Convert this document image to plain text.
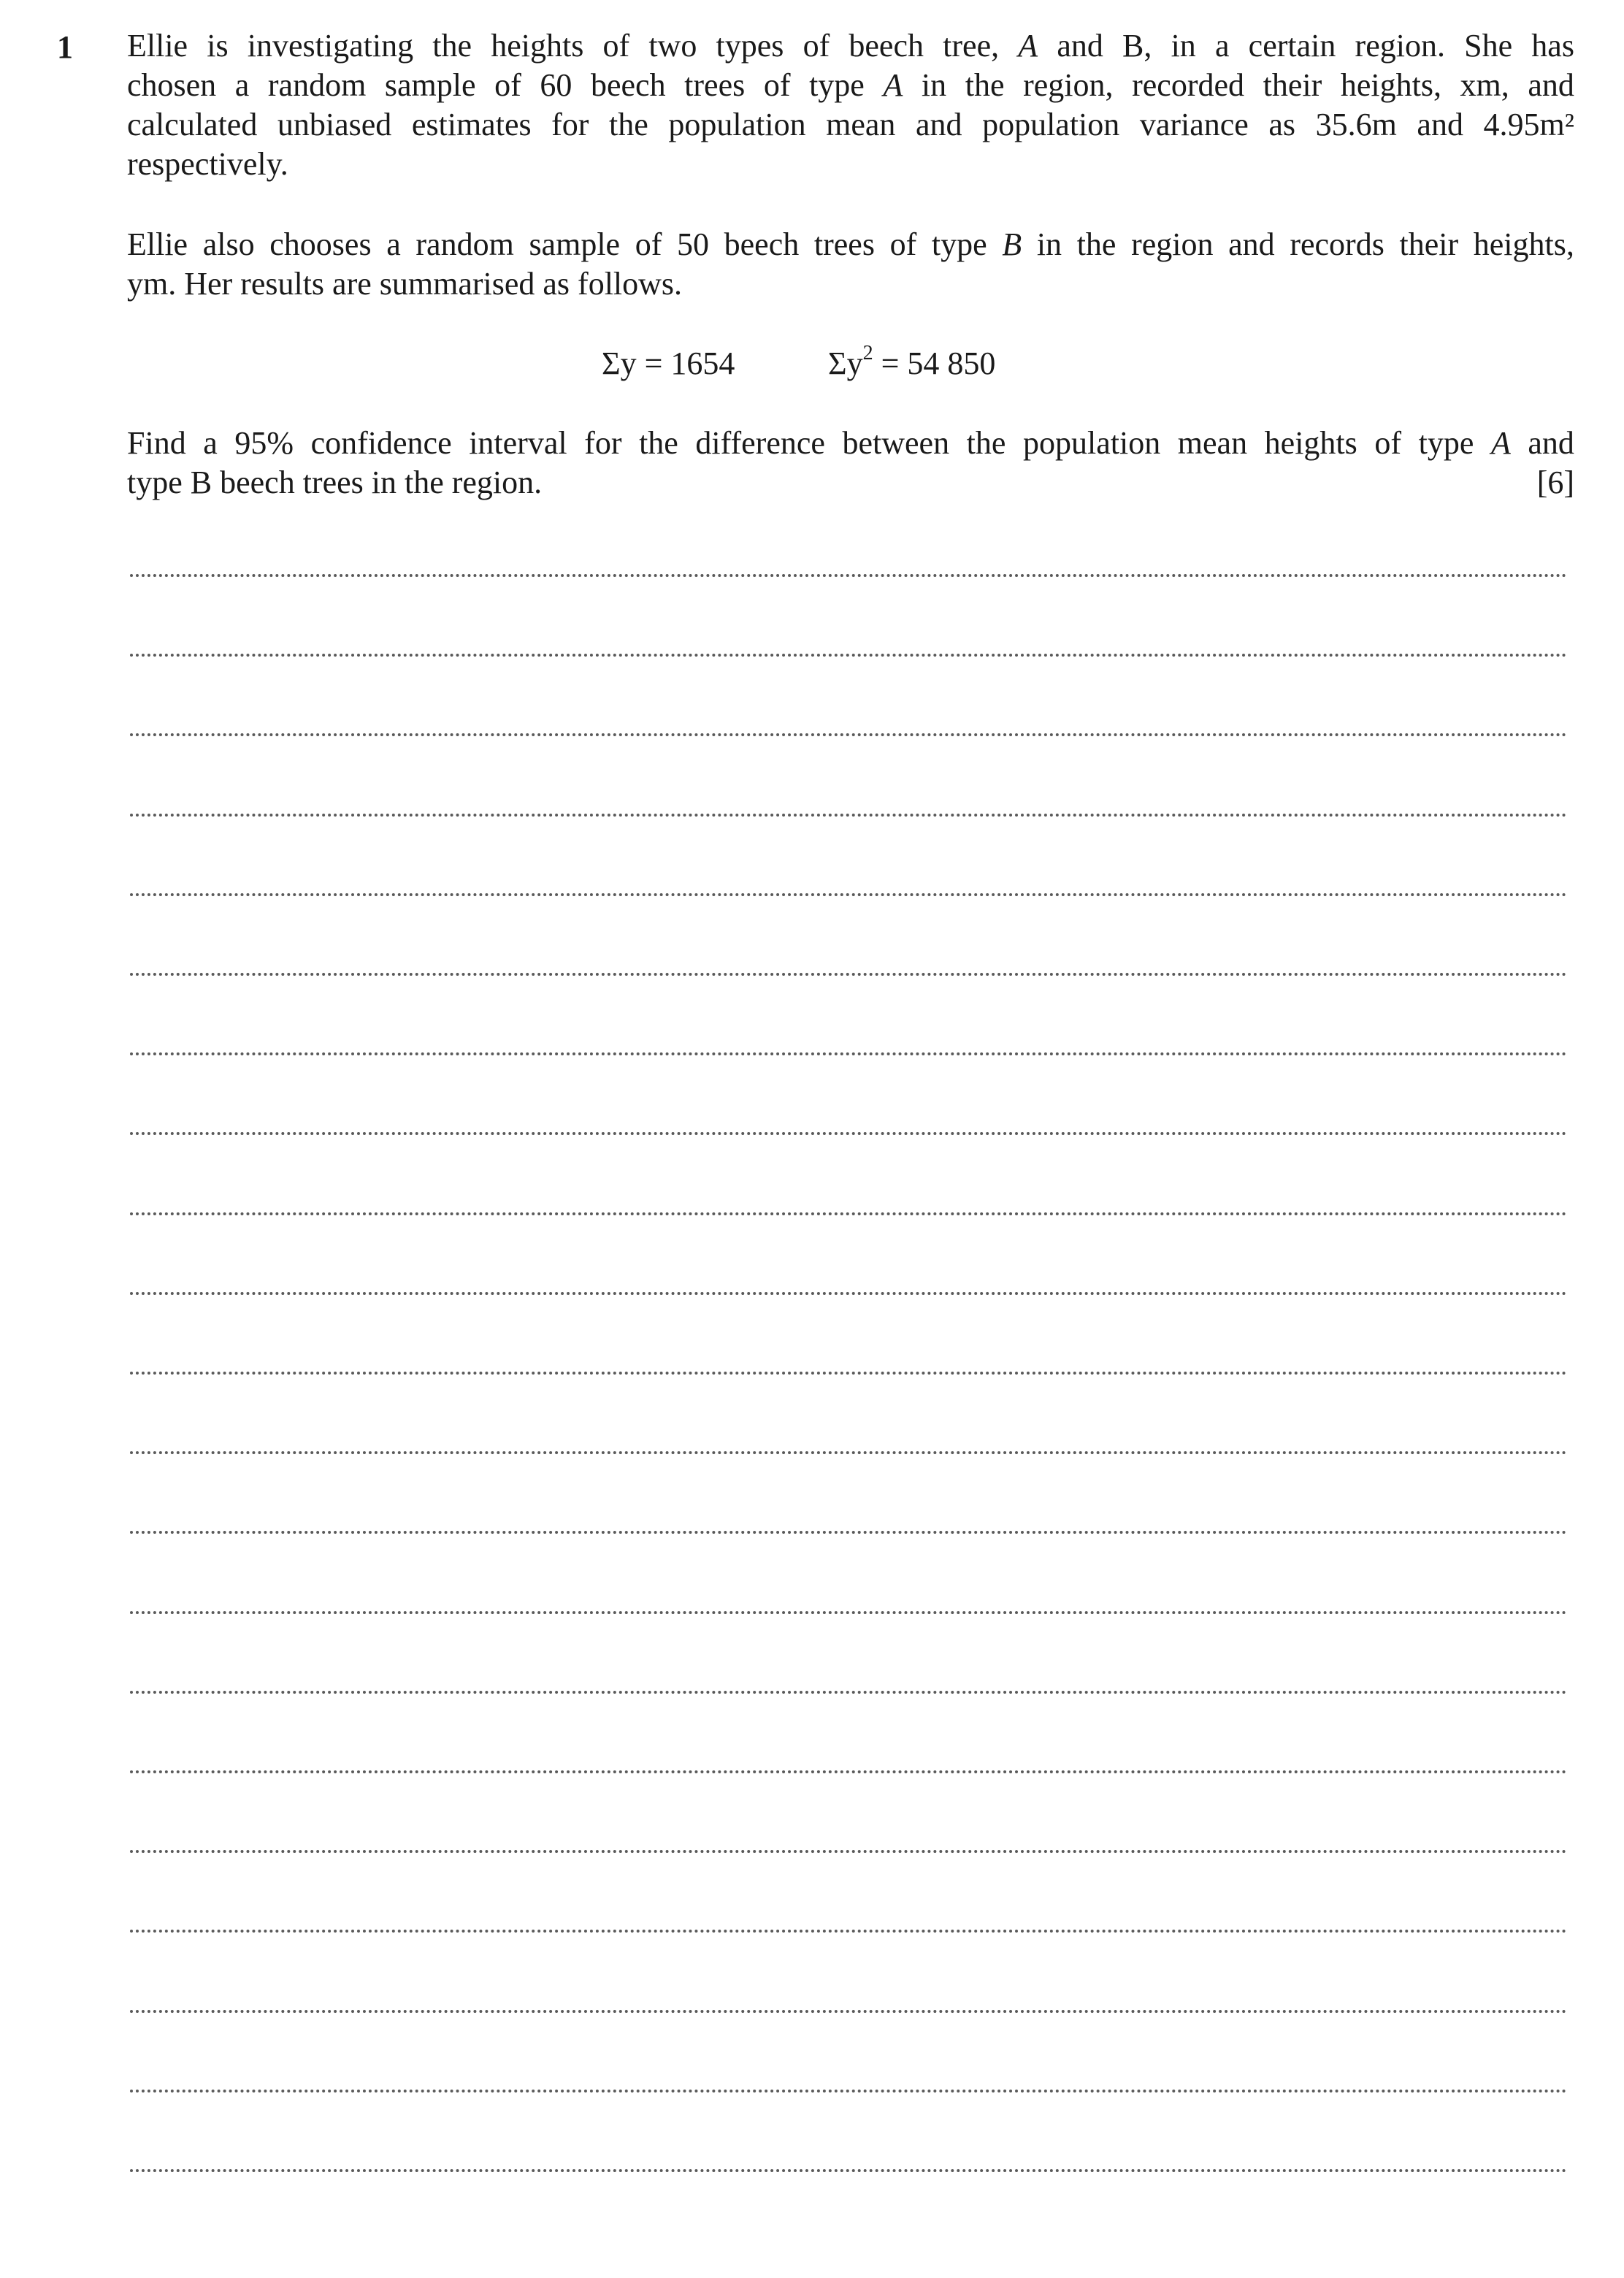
1 Ellie is investigating the heights of two types of beech tree, A and B, in a certain region. She has
chosen a random sample of 60 beech trees of type A in the region, recorded their heights, xm, and
calculated unbiased estimates for the population mean and population variance as 35.6m and 4.95m²
respectively.
Ellie also chooses a random sample of 50 beech trees of type B in the region and records their heights,
ym. Her results are summarised as follows.
Σy = 1654	$\Sigma y^2 = 54$ 850
Find a 95% confidence interval for the difference between the population mean heights of type A and
type B beech trees in the region.	[6]
